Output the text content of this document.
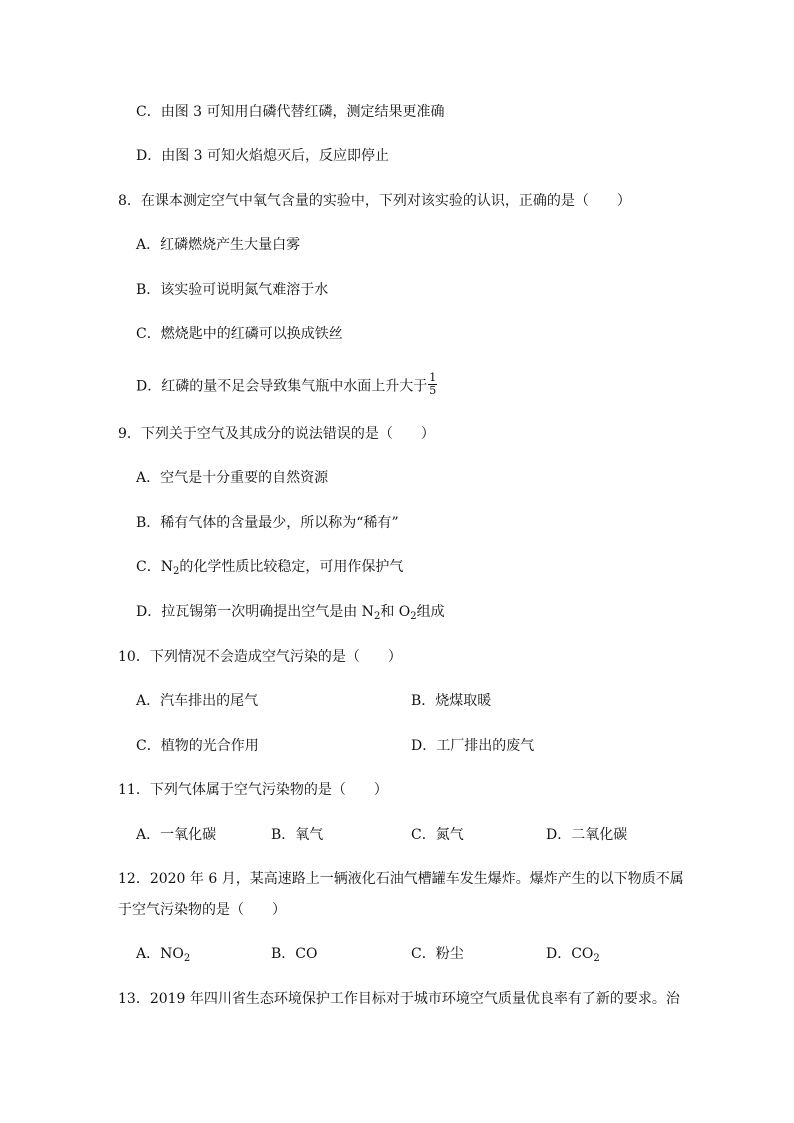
C．由图 3 可知用白磷代替红磷，测定结果更准确
D．由图 3 可知火焰熄灭后，反应即停止
8．在课本测定空气中氧气含量的实验中，下列对该实验的认识，正确的是（　　）
A．红磷燃烧产生大量白雾
B．该实验可说明氮气难溶于水
C．燃烧匙中的红磷可以换成铁丝
D．红磷的量不足会导致集气瓶中水面上升大于 $\frac{1}{5}$
9．下列关于空气及其成分的说法错误的是（　　）
A．空气是十分重要的自然资源
B．稀有气体的含量最少，所以称为“稀有”
C．$N_2$的化学性质比较稳定，可用作保护气
D．拉瓦锡第一次明确提出空气是由 $N_2$和 $O_2$组成
10．下列情况不会造成空气污染的是（　　）
A．汽车排出的尾气	B．烧煤取暖
C．植物的光合作用	D．工厂排出的废气
11．下列气体属于空气污染物的是（　　）
A．一氧化碳	B．氧气	C．氮气	D．二氧化碳
12．2020 年 6 月，某高速路上一辆液化石油气槽罐车发生爆炸。爆炸产生的以下物质不属
于空气污染物的是（　　）
A．$NO_2$	B．CO	C．粉尘	D．$CO_2$
13．2019 年四川省生态环境保护工作目标对于城市环境空气质量优良率有了新的要求。治
